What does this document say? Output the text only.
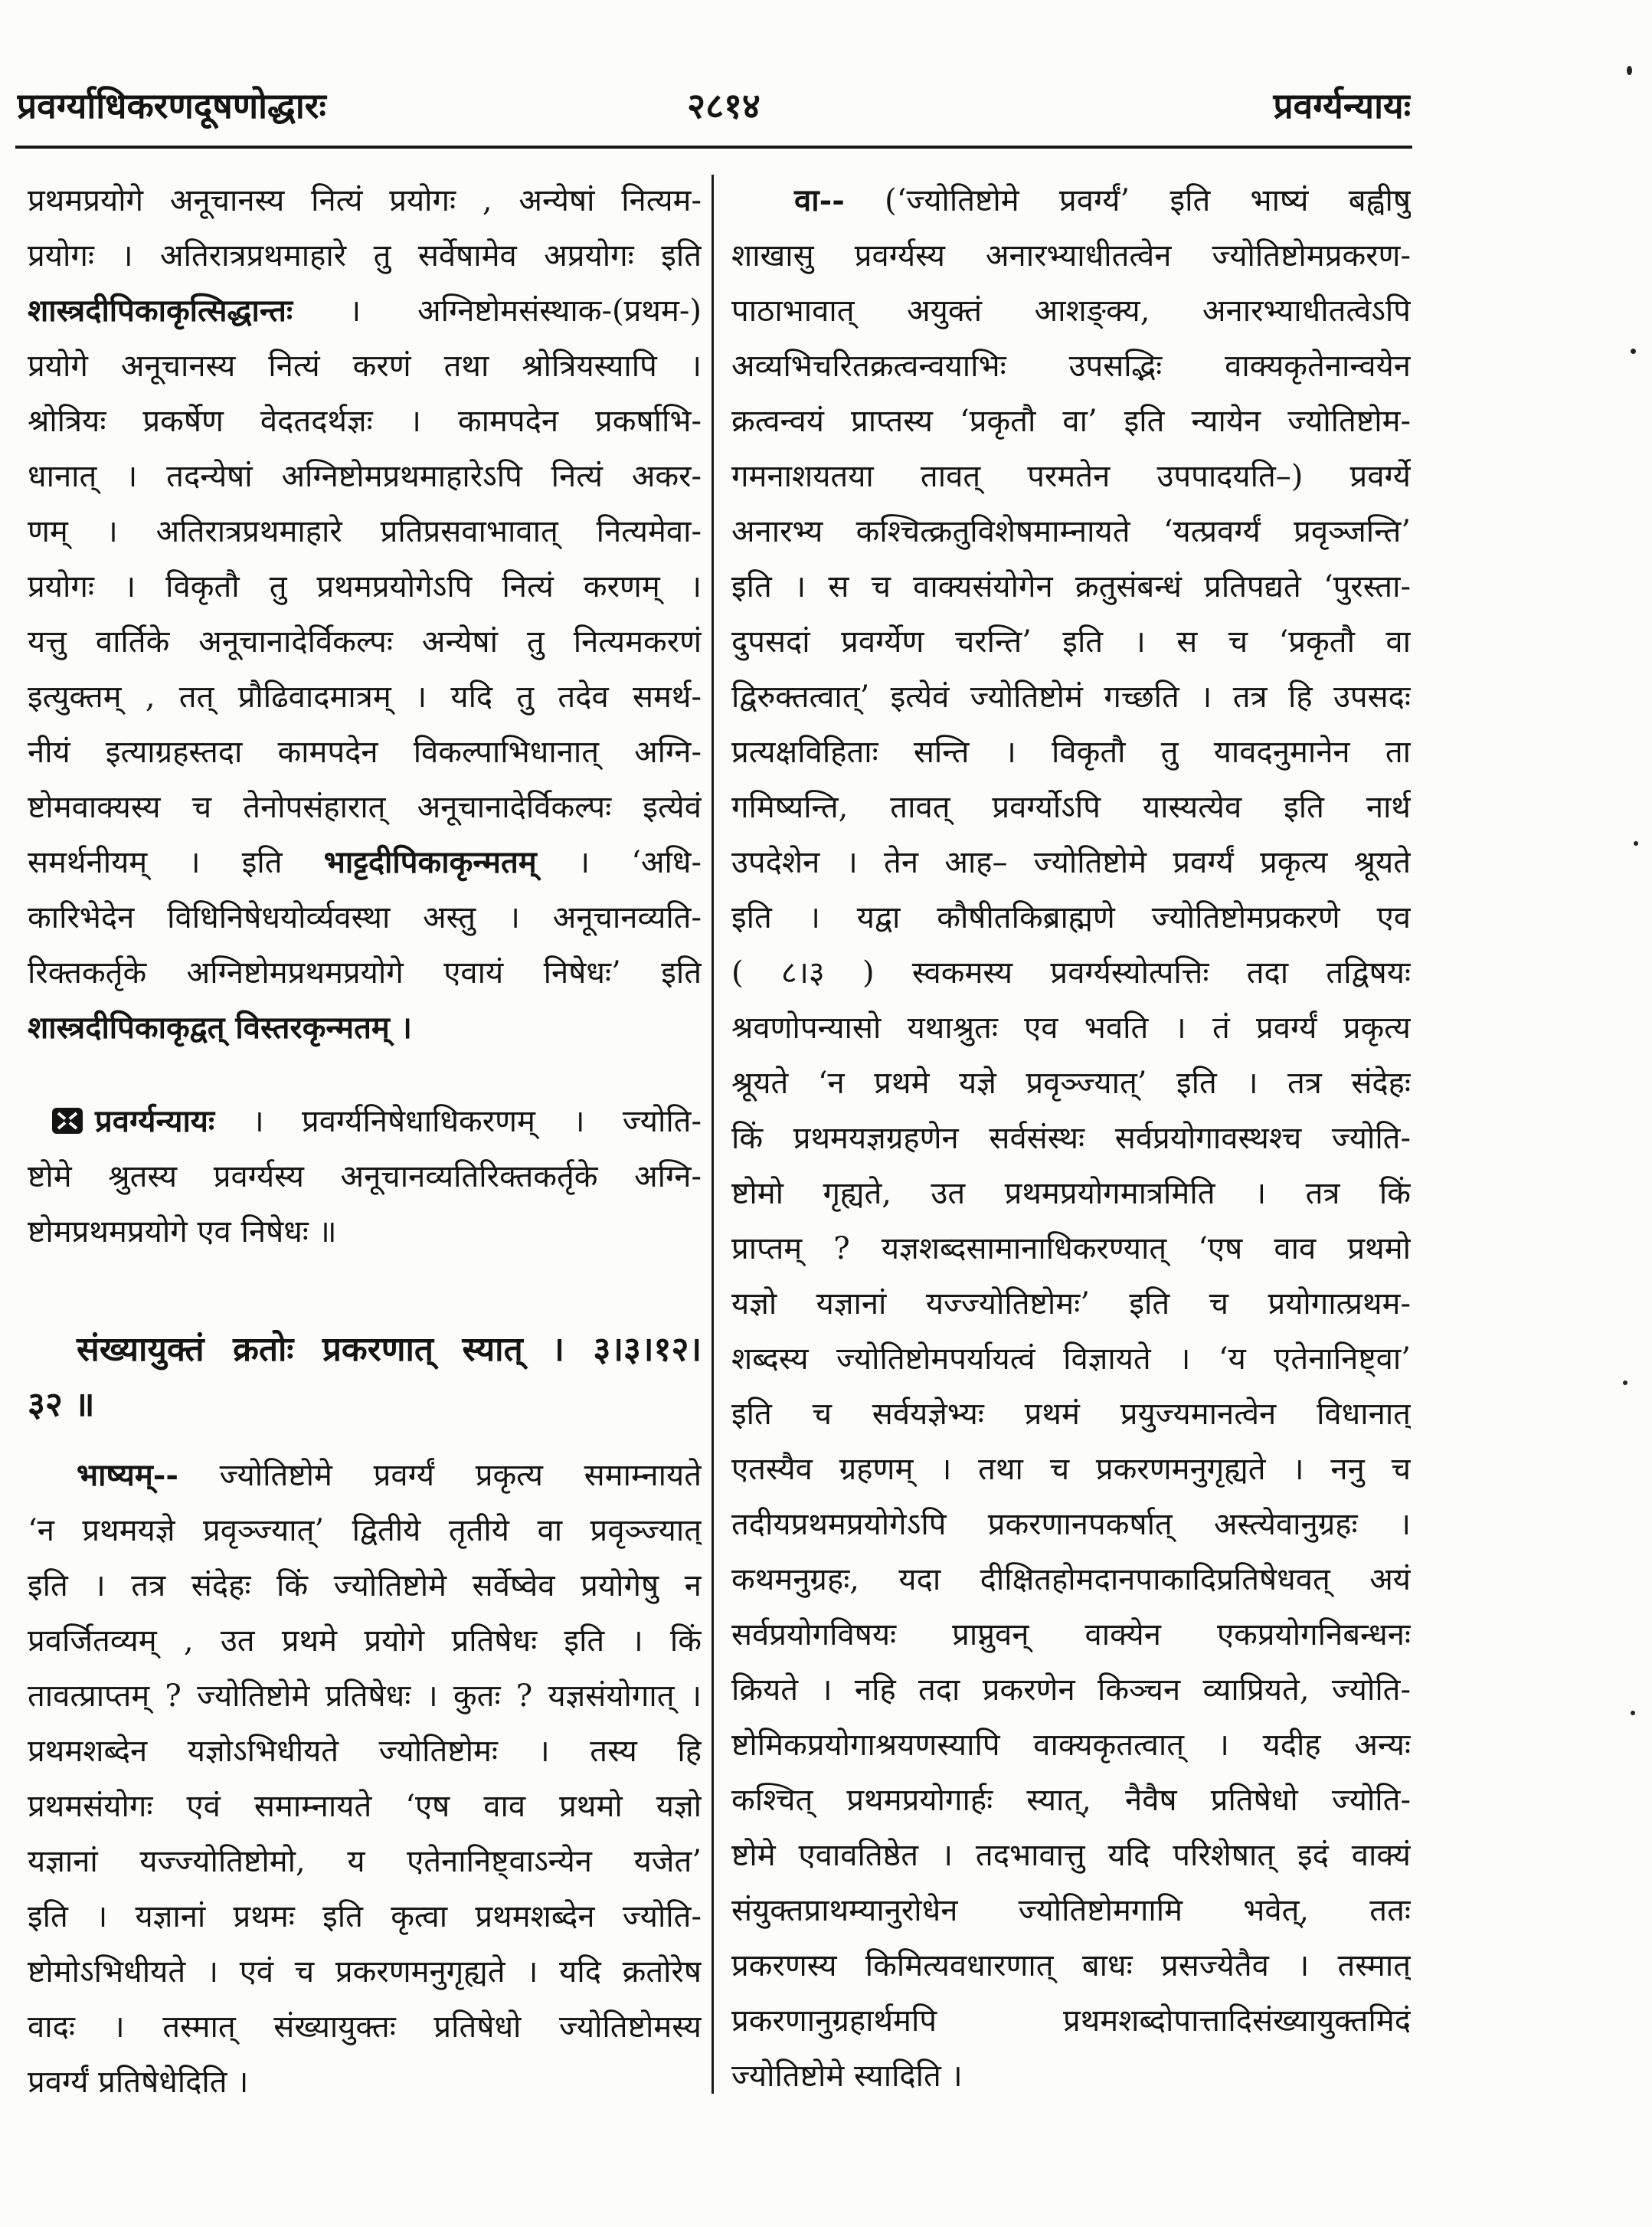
प्रवर्ग्याधिकरणदूषणोद्धारः	२८१४	प्रवर्ग्यन्यायः
प्रथमप्रयोगे अनूचानस्य नित्यं प्रयोगः , अन्येषां नित्यम-
प्रयोगः । अतिरात्रप्रथमाहारे तु सर्वेषामेव अप्रयोगः इति
शास्त्रदीपिकाकृत्सिद्धान्तः । अग्निष्टोमसंस्थाक-(प्रथम-)
प्रयोगे अनूचानस्य नित्यं करणं तथा श्रोत्रियस्यापि ।
श्रोत्रियः प्रकर्षेण वेदतदर्थज्ञः । कामपदेन प्रकर्षाभि-
धानात् । तदन्येषां अग्निष्टोमप्रथमाहारेऽपि नित्यं अकर-
णम् । अतिरात्रप्रथमाहारे प्रतिप्रसवाभावात् नित्यमेवा-
प्रयोगः । विकृतौ तु प्रथमप्रयोगेऽपि नित्यं करणम् ।
यत्तु वार्तिके अनूचानादेर्विकल्पः अन्येषां तु नित्यमकरणं
इत्युक्तम् , तत् प्रौढिवादमात्रम् । यदि तु तदेव समर्थ-
नीयं इत्याग्रहस्तदा कामपदेन विकल्पाभिधानात् अग्नि-
ष्टोमवाक्यस्य च तेनोपसंहारात् अनूचानादेर्विकल्पः इत्येवं
समर्थनीयम् । इति भाट्टदीपिकाकृन्मतम् । ‘अधि-
कारिभेदेन विधिनिषेधयोर्व्यवस्था अस्तु । अनूचानव्यति-
रिक्तकर्तृके अग्निष्टोमप्रथमप्रयोगे एवायं निषेधः’ इति
शास्त्रदीपिकाकृद्वत् विस्तरकृन्मतम् ।
प्रवर्ग्यन्यायः । प्रवर्ग्यनिषेधाधिकरणम् । ज्योति-
ष्टोमे श्रुतस्य प्रवर्ग्यस्य अनूचानव्यतिरिक्तकर्तृके अग्नि-
ष्टोमप्रथमप्रयोगे एव निषेधः ॥
संख्यायुक्तं क्रतोः प्रकरणात् स्यात् । ३।३।१२।
३२ ॥
भाष्यम्-- ज्योतिष्टोमे प्रवर्ग्यं प्रकृत्य समाम्नायते
‘न प्रथमयज्ञे प्रवृञ्ज्यात्’ द्वितीये तृतीये वा प्रवृञ्ज्यात्
इति । तत्र संदेहः किं ज्योतिष्टोमे सर्वेष्वेव प्रयोगेषु न
प्रवर्जितव्यम् , उत प्रथमे प्रयोगे प्रतिषेधः इति । किं
तावत्प्राप्तम् ? ज्योतिष्टोमे प्रतिषेधः । कुतः ? यज्ञसंयोगात् ।
प्रथमशब्देन यज्ञोऽभिधीयते ज्योतिष्टोमः । तस्य हि
प्रथमसंयोगः एवं समाम्नायते ‘एष वाव प्रथमो यज्ञो
यज्ञानां यज्ज्योतिष्टोमो, य एतेनानिष्ट्वाऽन्येन यजेत’
इति । यज्ञानां प्रथमः इति कृत्वा प्रथमशब्देन ज्योति-
ष्टोमोऽभिधीयते । एवं च प्रकरणमनुगृह्यते । यदि क्रतोरेष
वादः । तस्मात् संख्यायुक्तः प्रतिषेधो ज्योतिष्टोमस्य
प्रवर्ग्यं प्रतिषेधेदिति ।
वा-- (‘ज्योतिष्टोमे प्रवर्ग्यं’ इति भाष्यं बह्वीषु
शाखासु प्रवर्ग्यस्य अनारभ्याधीतत्वेन ज्योतिष्टोमप्रकरण-
पाठाभावात् अयुक्तं आशङ्क्य, अनारभ्याधीतत्वेऽपि
अव्यभिचरितक्रत्वन्वयाभिः उपसद्भिः वाक्यकृतेनान्वयेन
क्रत्वन्वयं प्राप्तस्य ‘प्रकृतौ वा’ इति न्यायेन ज्योतिष्टोम-
गमनाशयतया तावत् परमतेन उपपादयति–) प्रवर्ग्ये
अनारभ्य कश्चित्क्रतुविशेषमाम्नायते ‘यत्प्रवर्ग्यं प्रवृञ्जन्ति’
इति । स च वाक्यसंयोगेन क्रतुसंबन्धं प्रतिपद्यते ‘पुरस्ता-
दुपसदां प्रवर्ग्येण चरन्ति’ इति । स च ‘प्रकृतौ वा
द्विरुक्तत्वात्’ इत्येवं ज्योतिष्टोमं गच्छति । तत्र हि उपसदः
प्रत्यक्षविहिताः सन्ति । विकृतौ तु यावदनुमानेन ता
गमिष्यन्ति, तावत् प्रवर्ग्योऽपि यास्यत्येव इति नार्थ
उपदेशेन । तेन आह– ज्योतिष्टोमे प्रवर्ग्यं प्रकृत्य श्रूयते
इति । यद्वा कौषीतकिब्राह्मणे ज्योतिष्टोमप्रकरणे एव
( ८।३ ) स्वकमस्य प्रवर्ग्यस्योत्पत्तिः तदा तद्विषयः
श्रवणोपन्यासो यथाश्रुतः एव भवति । तं प्रवर्ग्यं प्रकृत्य
श्रूयते ‘न प्रथमे यज्ञे प्रवृञ्ज्यात्’ इति । तत्र संदेहः
किं प्रथमयज्ञग्रहणेन सर्वसंस्थः सर्वप्रयोगावस्थश्च ज्योति-
ष्टोमो गृह्यते, उत प्रथमप्रयोगमात्रमिति । तत्र किं
प्राप्तम् ? यज्ञशब्दसामानाधिकरण्यात् ‘एष वाव प्रथमो
यज्ञो यज्ञानां यज्ज्योतिष्टोमः’ इति च प्रयोगात्प्रथम-
शब्दस्य ज्योतिष्टोमपर्यायत्वं विज्ञायते । ‘य एतेनानिष्ट्वा’
इति च सर्वयज्ञेभ्यः प्रथमं प्रयुज्यमानत्वेन विधानात्
एतस्यैव ग्रहणम् । तथा च प्रकरणमनुगृह्यते । ननु च
तदीयप्रथमप्रयोगेऽपि प्रकरणानपकर्षात् अस्त्येवानुग्रहः ।
कथमनुग्रहः, यदा दीक्षितहोमदानपाकादिप्रतिषेधवत् अयं
सर्वप्रयोगविषयः प्राप्नुवन् वाक्येन एकप्रयोगनिबन्धनः
क्रियते । नहि तदा प्रकरणेन किञ्चन व्याप्रियते, ज्योति-
ष्टोमिकप्रयोगाश्रयणस्यापि वाक्यकृतत्वात् । यदीह अन्यः
कश्चित् प्रथमप्रयोगार्हः स्यात्, नैवैष प्रतिषेधो ज्योति-
ष्टोमे एवावतिष्ठेत । तदभावात्तु यदि परिशेषात् इदं वाक्यं
संयुक्तप्राथम्यानुरोधेन ज्योतिष्टोमगामि भवेत्, ततः
प्रकरणस्य किमित्यवधारणात् बाधः प्रसज्येतैव । तस्मात्
प्रकरणानुग्रहार्थमपि प्रथमशब्दोपात्तादिसंख्यायुक्तमिदं
ज्योतिष्टोमे स्यादिति ।
